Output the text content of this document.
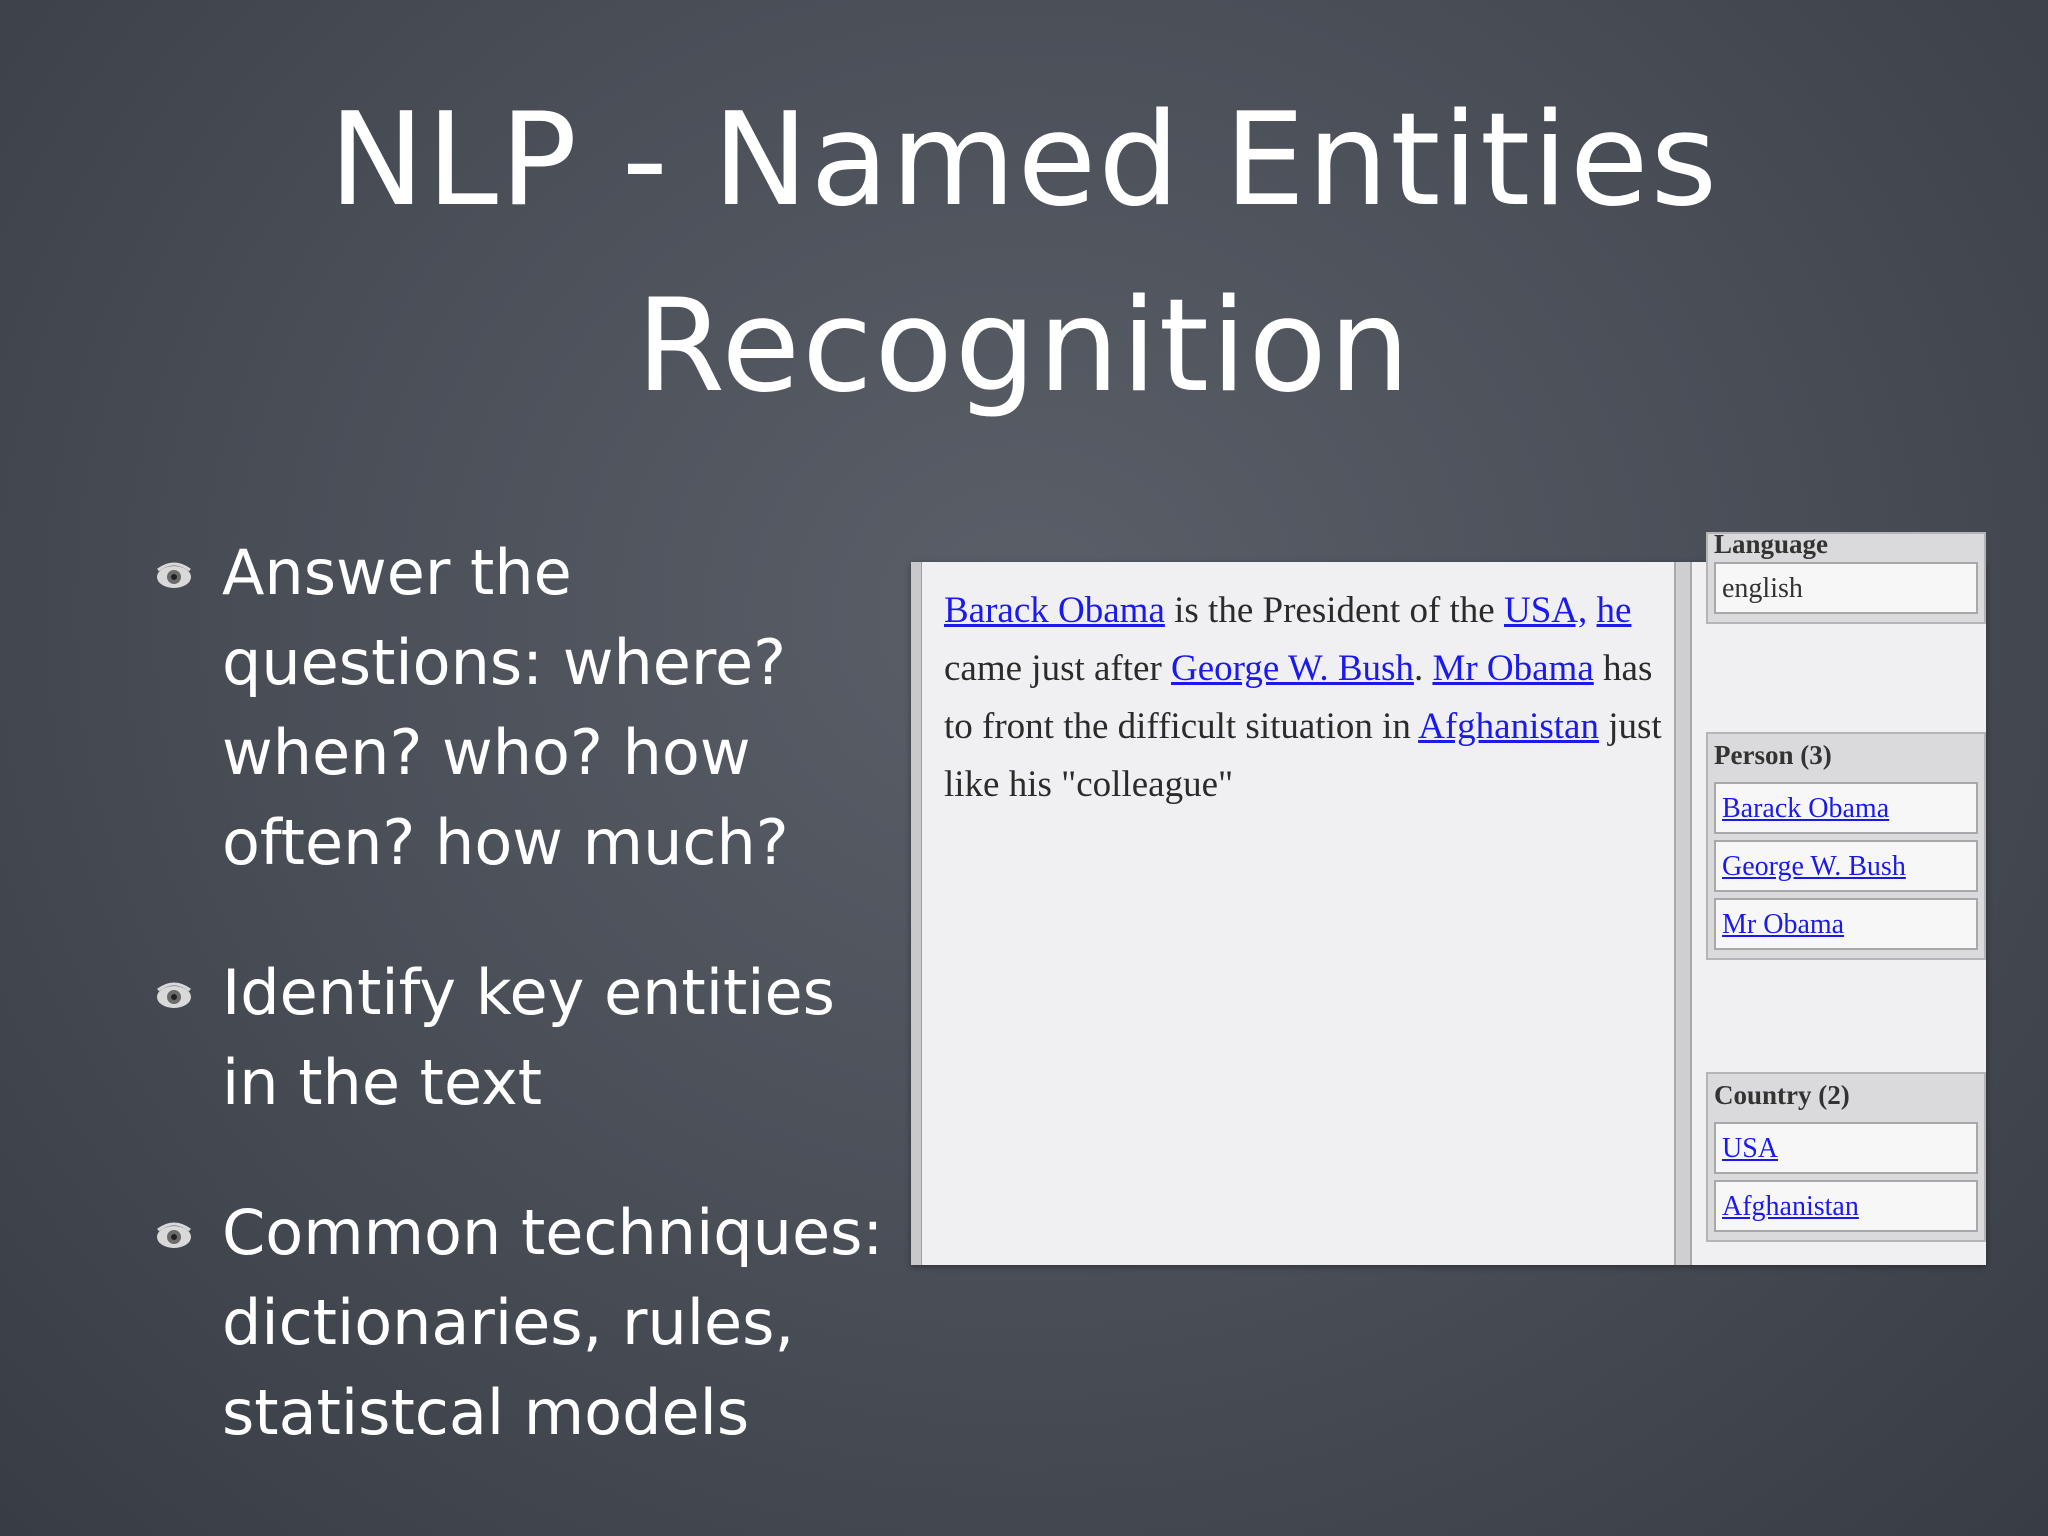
NLP - Named Entities
Recognition
Answer the questions: where? when? who? how often? how much?
Identify key entities in the text
Common techniques: dictionaries, rules, statistcal models
Barack Obama is the President of the USA, he came just after George W. Bush. Mr Obama has to front the difficult situation in Afghanistan just like his "colleague"
Language
english
Person (3)
Barack Obama
George W. Bush
Mr Obama
Country (2)
USA
Afghanistan
